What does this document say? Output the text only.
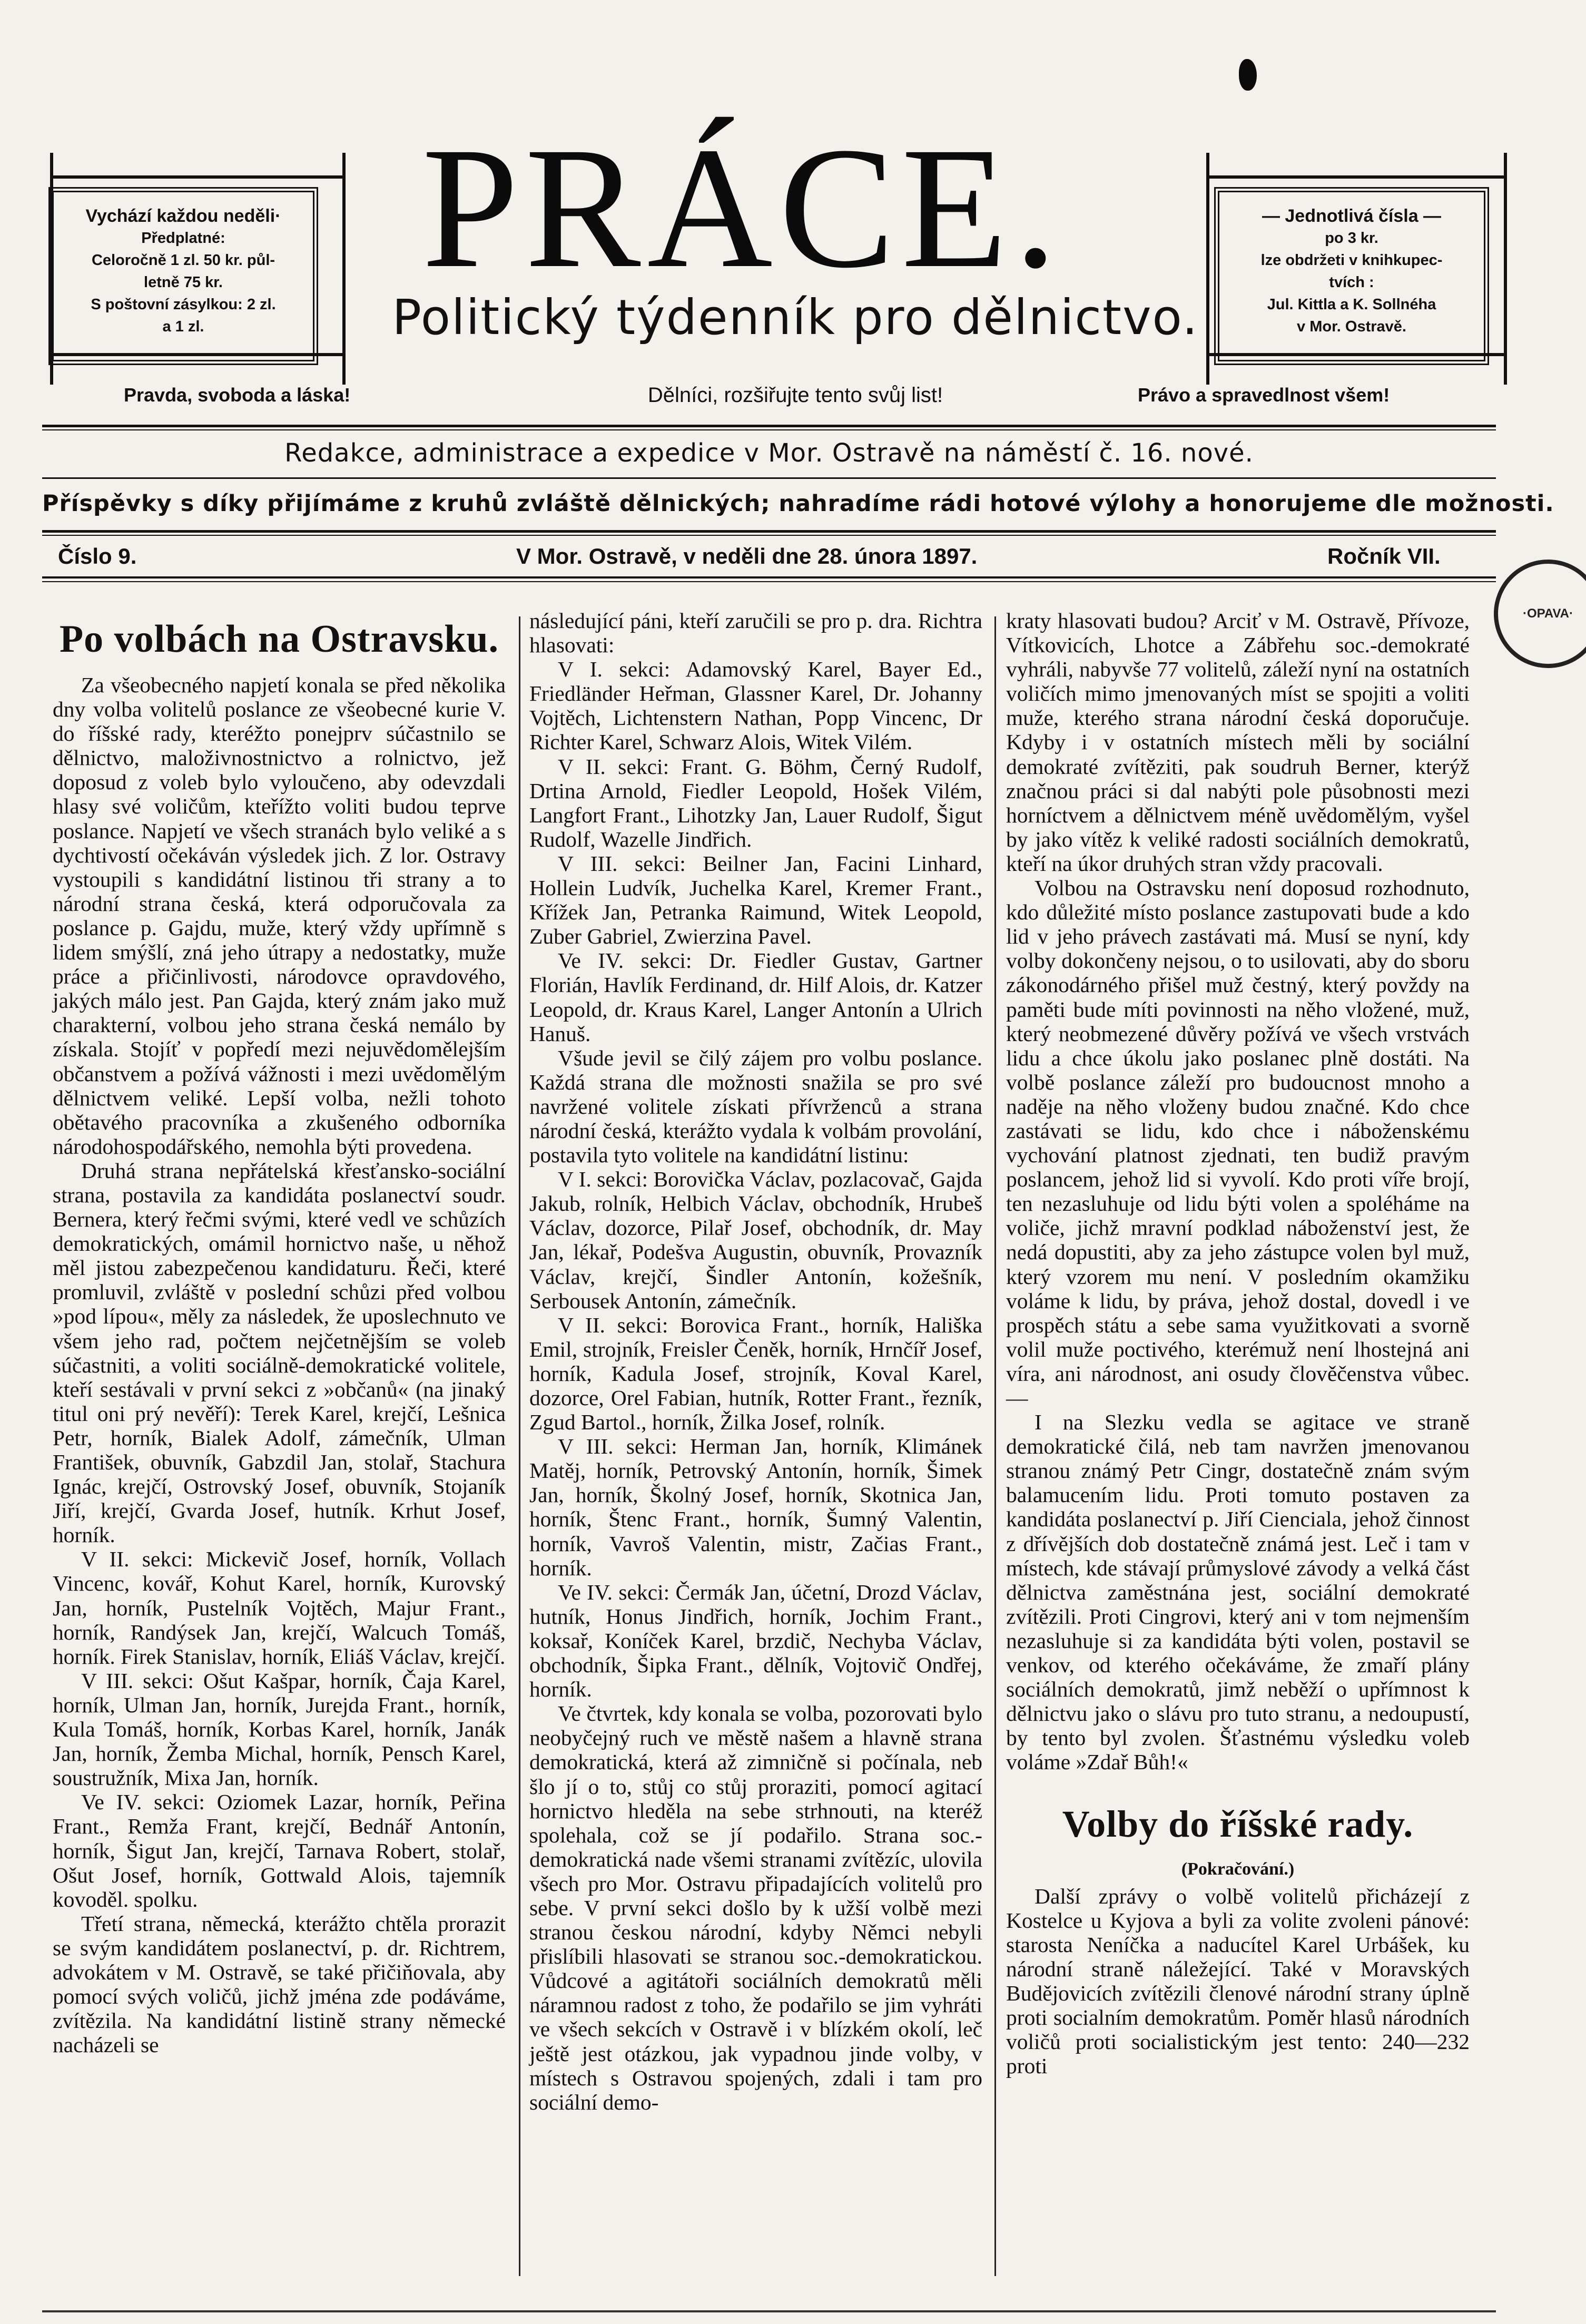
Vychází každou neděli·
Předplatné:
Celoročně 1 zl. 50 kr. půl-
letně 75 kr.
S poštovní zásylkou: 2 zl.
a 1 zl.
PRÁCE.
Politický týdenník pro dělnictvo.
— Jednotlivá čísla —
po 3 kr.
lze obdržeti v knihkupec-
tvích :
Jul. Kittla a K. Sollnéha
v Mor. Ostravě.
Pravda, svoboda a láska!	Dělníci, rozšiřujte tento svůj list!	Právo a spravedlnost všem!
Redakce, administrace a expedice v Mor. Ostravě na náměstí č. 16. nové.
Příspěvky s díky přijímáme z kruhů zvláště dělnických; nahradíme rádi hotové výlohy a honorujeme dle možnosti.
Číslo 9.	V Mor. Ostravě, v neděli dne 28. února 1897.	Ročník VII.
·OPAVA·
Po volbách na Ostravsku.

Za všeobecného napjetí konala se před několika dny volba volitelů poslance ze všeobecné kurie V. do říšské rady, kteréžto ponejprv súčastnilo se dělnictvo, maloživnostnictvo a rolnictvo, jež doposud z voleb bylo vyloučeno, aby odevzdali hlasy své voličům, kteřížto voliti budou teprve poslance. Napjetí ve všech stranách bylo veliké a s dychtivostí očekáván výsledek jich. Z lor. Ostravy vystoupili s kandidátní listinou tři strany a to národní strana česká, která odporučovala za poslance p. Gajdu, muže, který vždy upřímně s lidem smýšlí, zná jeho útrapy a nedostatky, muže práce a přičinlivosti, národovce opravdového, jakých málo jest. Pan Gajda, který znám jako muž charakterní, volbou jeho strana česká nemálo by získala. Stojíť v popředí mezi nejuvědomělejším občanstvem a požívá vážnosti i mezi uvědomělým dělnictvem veliké. Lepší volba, nežli tohoto obětavého pracovníka a zkušeného odborníka národohospodářského, nemohla býti provedena.

Druhá strana nepřátelská křesťansko-sociální strana, postavila za kandidáta poslanectví soudr. Bernera, který řečmi svými, které vedl ve schůzích demokratických, omámil hornictvo naše, u něhož měl jistou zabezpečenou kandidaturu. Řeči, které promluvil, zvláště v poslední schůzi před volbou »pod lípou«, měly za následek, že uposlechnuto ve všem jeho rad, počtem nejčetnějším se voleb súčastniti, a voliti sociálně-demokratické volitele, kteří sestávali v první sekci z »občanů« (na jinaký titul oni prý nevěří): Terek Karel, krejčí, Lešnica Petr, horník, Bialek Adolf, zámečník, Ulman František, obuvník, Gabzdil Jan, stolař, Stachura Ignác, krejčí, Ostrovský Josef, obuvník, Stojaník Jiří, krejčí, Gvarda Josef, hutník. Krhut Josef, horník.

V II. sekci: Mickevič Josef, horník, Vollach Vincenc, kovář, Kohut Karel, horník, Kurovský Jan, horník, Pustelník Vojtěch, Majur Frant., horník, Randýsek Jan, krejčí, Walcuch Tomáš, horník. Firek Stanislav, horník, Eliáš Václav, krejčí.

V III. sekci: Ošut Kašpar, horník, Čaja Karel, horník, Ulman Jan, horník, Jurejda Frant., horník, Kula Tomáš, horník, Korbas Karel, horník, Janák Jan, horník, Žemba Michal, horník, Pensch Karel, soustružník, Mixa Jan, horník.

Ve IV. sekci: Oziomek Lazar, horník, Peřina Frant., Remža Frant, krejčí, Bednář Antonín, horník, Šigut Jan, krejčí, Tarnava Robert, stolař, Ošut Josef, horník, Gottwald Alois, tajemník kovoděl. spolku.

Třetí strana, německá, kterážto chtěla prorazit se svým kandidátem poslanectví, p. dr. Richtrem, advokátem v M. Ostravě, se také přičiňovala, aby pomocí svých voličů, jichž jména zde podáváme, zvítězila. Na kandidátní listině strany německé nacházeli se

následující páni, kteří zaručili se pro p. dra. Richtra hlasovati:

V I. sekci: Adamovský Karel, Bayer Ed., Friedländer Heřman, Glassner Karel, Dr. Johanny Vojtěch, Lichtenstern Nathan, Popp Vincenc, Dr Richter Karel, Schwarz Alois, Witek Vilém.

V II. sekci: Frant. G. Böhm, Černý Rudolf, Drtina Arnold, Fiedler Leopold, Hošek Vilém, Langfort Frant., Lihotzky Jan, Lauer Rudolf, Šigut Rudolf, Wazelle Jindřich.

V III. sekci: Beilner Jan, Facini Linhard, Hollein Ludvík, Juchelka Karel, Kremer Frant., Křížek Jan, Petranka Raimund, Witek Leopold, Zuber Gabriel, Zwierzina Pavel.

Ve IV. sekci: Dr. Fiedler Gustav, Gartner Florián, Havlík Ferdinand, dr. Hilf Alois, dr. Katzer Leopold, dr. Kraus Karel, Langer Antonín a Ulrich Hanuš.

Všude jevil se čilý zájem pro volbu poslance. Každá strana dle možnosti snažila se pro své navržené volitele získati přívrženců a strana národní česká, kterážto vydala k volbám provolání, postavila tyto volitele na kandidátní listinu:

V I. sekci: Borovička Václav, pozlacovač, Gajda Jakub, rolník, Helbich Václav, obchodník, Hrubeš Václav, dozorce, Pilař Josef, obchodník, dr. May Jan, lékař, Podešva Augustin, obuvník, Provazník Václav, krejčí, Šindler Antonín, kožešník, Serbousek Antonín, zámečník.

V II. sekci: Borovica Frant., horník, Hališka Emil, strojník, Freisler Čeněk, horník, Hrnčíř Josef, horník, Kadula Josef, strojník, Koval Karel, dozorce, Orel Fabian, hutník, Rotter Frant., řezník, Zgud Bartol., horník, Žilka Josef, rolník.

V III. sekci: Herman Jan, horník, Klimánek Matěj, horník, Petrovský Antonín, horník, Šimek Jan, horník, Školný Josef, horník, Skotnica Jan, horník, Štenc Frant., horník, Šumný Valentin, horník, Vavroš Valentin, mistr, Začias Frant., horník.

Ve IV. sekci: Čermák Jan, účetní, Drozd Václav, hutník, Honus Jindřich, horník, Jochim Frant., koksař, Koníček Karel, brzdič, Nechyba Václav, obchodník, Šipka Frant., dělník, Vojtovič Ondřej, horník.

Ve čtvrtek, kdy konala se volba, pozorovati bylo neobyčejný ruch ve městě našem a hlavně strana demokratická, která až zimničně si počínala, neb šlo jí o to, stůj co stůj proraziti, pomocí agitací hornictvo hleděla na sebe strhnouti, na kteréž spolehala, což se jí podařilo. Strana soc.-demokratická nade všemi stranami zvítězíc, ulovila všech pro Mor. Ostravu připadajících volitelů pro sebe. V první sekci došlo by k užší volbě mezi stranou českou národní, kdyby Němci nebyli přislíbili hlasovati se stranou soc.-demokratickou. Vůdcové a agitátoři sociálních demokratů měli náramnou radost z toho, že podařilo se jim vyhráti ve všech sekcích v Ostravě i v blízkém okolí, leč ještě jest otázkou, jak vypadnou jinde volby, v místech s Ostravou spojených, zdali i tam pro sociální demo-

kraty hlasovati budou? Arciť v M. Ostravě, Přívoze, Vítkovicích, Lhotce a Zábřehu soc.-demokraté vyhráli, nabyvše 77 volitelů, záleží nyní na ostatních voličích mimo jmenovaných míst se spojiti a voliti muže, kterého strana národní česká doporučuje. Kdyby i v ostatních místech měli by sociální demokraté zvítěziti, pak soudruh Berner, kterýž značnou práci si dal nabýti pole působnosti mezi horníctvem a dělnictvem méně uvědomělým, vyšel by jako vítěz k veliké radosti sociálních demokratů, kteří na úkor druhých stran vždy pracovali.

Volbou na Ostravsku není doposud rozhodnuto, kdo důležité místo poslance zastupovati bude a kdo lid v jeho právech zastávati má. Musí se nyní, kdy volby dokončeny nejsou, o to usilovati, aby do sboru zákonodárného přišel muž čestný, který povždy na paměti bude míti povinnosti na něho vložené, muž, který neobmezené důvěry požívá ve všech vrstvách lidu a chce úkolu jako poslanec plně dostáti. Na volbě poslance záleží pro budoucnost mnoho a naděje na něho vloženy budou značné. Kdo chce zastávati se lidu, kdo chce i náboženskému vychování platnost zjednati, ten budiž pravým poslancem, jehož lid si vyvolí. Kdo proti víře brojí, ten nezasluhuje od lidu býti volen a spoléháme na voliče, jichž mravní podklad náboženství jest, že nedá dopustiti, aby za jeho zástupce volen byl muž, který vzorem mu není. V posledním okamžiku voláme k lidu, by práva, jehož dostal, dovedl i ve prospěch státu a sebe sama využitkovati a svorně volil muže poctivého, kterémuž není lhostejná ani víra, ani národnost, ani osudy člověčenstva vůbec. —

I na Slezku vedla se agitace ve straně demokratické čilá, neb tam navržen jmenovanou stranou známý Petr Cingr, dostatečně znám svým balamucením lidu. Proti tomuto postaven za kandidáta poslanectví p. Jiří Cienciala, jehož činnost z dřívějších dob dostatečně známá jest. Leč i tam v místech, kde stávají průmyslové závody a velká část dělnictva zaměstnána jest, sociální demokraté zvítězili. Proti Cingrovi, který ani v tom nejmenším nezasluhuje si za kandidáta býti volen, postavil se venkov, od kterého očekáváme, že zmaří plány sociálních demokratů, jimž neběží o upřímnost k dělnictvu jako o slávu pro tuto stranu, a nedoupustí, by tento byl zvolen. Šťastnému výsledku voleb voláme »Zdař Bůh!«

Volby do říšské rady.
(Pokračování.)

Další zprávy o volbě volitelů přicházejí z Kostelce u Kyjova a byli za volite zvoleni pánové: starosta Neníčka a naducítel Karel Urbášek, ku národní straně náležející. Také v Moravských Budějovicích zvítězili členové národní strany úplně proti socialním demokratům. Poměr hlasů národních voličů proti socialistickým jest tento: 240—232 proti
